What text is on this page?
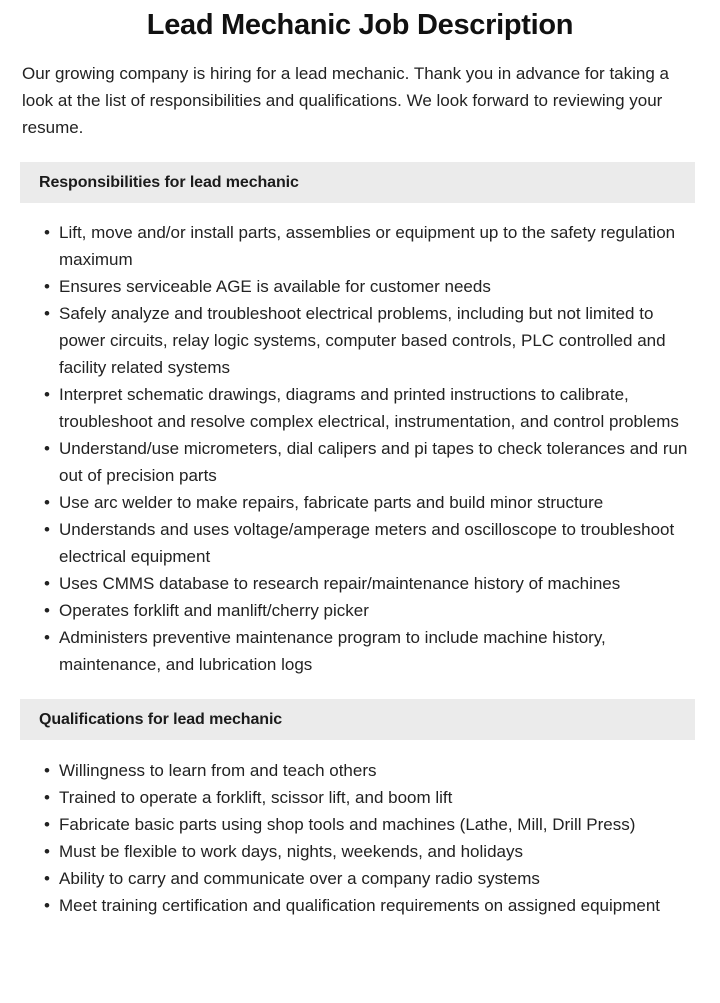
Lead Mechanic Job Description

Our growing company is hiring for a lead mechanic. Thank you in advance for taking a look at the list of responsibilities and qualifications. We look forward to reviewing your resume.

Responsibilities for lead mechanic
• Lift, move and/or install parts, assemblies or equipment up to the safety regulation maximum
• Ensures serviceable AGE is available for customer needs
• Safely analyze and troubleshoot electrical problems, including but not limited to power circuits, relay logic systems, computer based controls, PLC controlled and facility related systems
• Interpret schematic drawings, diagrams and printed instructions to calibrate, troubleshoot and resolve complex electrical, instrumentation, and control problems
• Understand/use micrometers, dial calipers and pi tapes to check tolerances and run out of precision parts
• Use arc welder to make repairs, fabricate parts and build minor structure
• Understands and uses voltage/amperage meters and oscilloscope to troubleshoot electrical equipment
• Uses CMMS database to research repair/maintenance history of machines
• Operates forklift and manlift/cherry picker
• Administers preventive maintenance program to include machine history, maintenance, and lubrication logs
Qualifications for lead mechanic
• Willingness to learn from and teach others
• Trained to operate a forklift, scissor lift, and boom lift
• Fabricate basic parts using shop tools and machines (Lathe, Mill, Drill Press)
• Must be flexible to work days, nights, weekends, and holidays
• Ability to carry and communicate over a company radio systems
• Meet training certification and qualification requirements on assigned equipment
